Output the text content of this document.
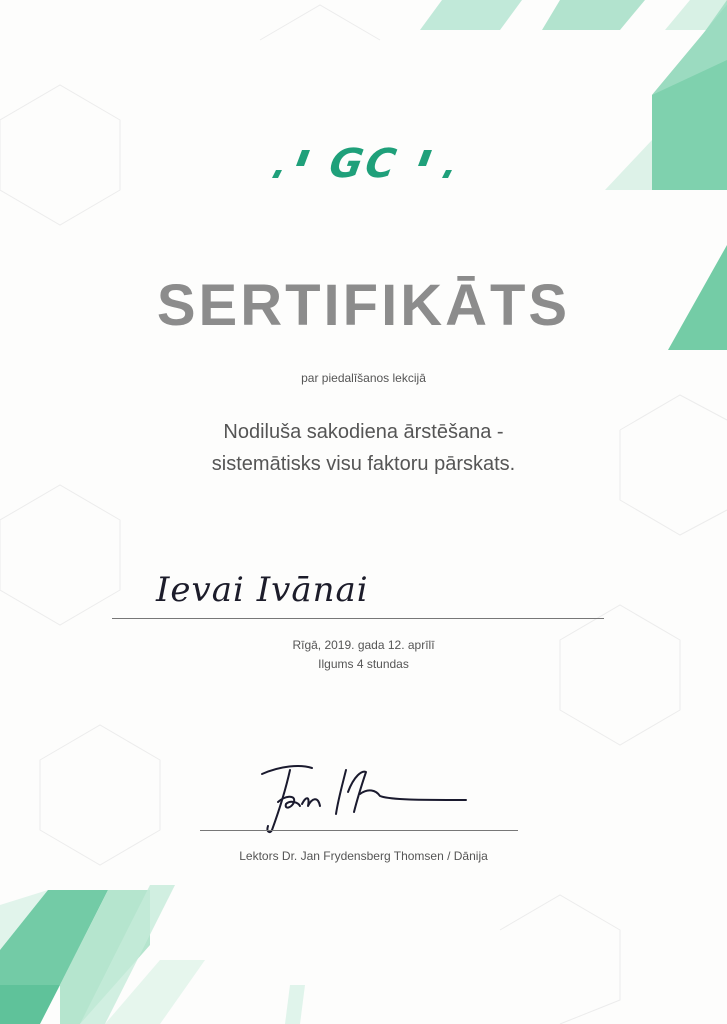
GC
SERTIFIKĀTS
par piedalīšanos lekcijā
Nodiluša sakodiena ārstēšana -
sistemātisks visu faktoru pārskats.
Ievai Ivānai
Rīgā, 2019. gada 12. aprīlī
Ilgums 4 stundas
Lektors Dr. Jan Frydensberg Thomsen / Dānija
